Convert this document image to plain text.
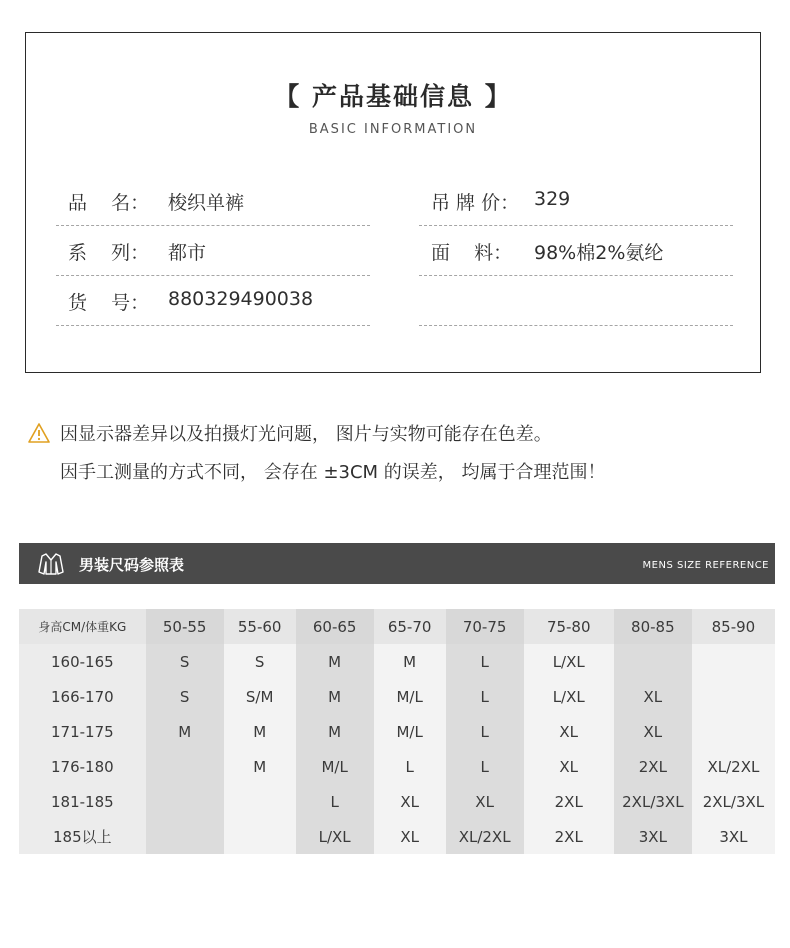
【 产品基础信息 】
BASIC INFORMATION
品    名： 梭织单裤
系    列： 都市
货    号： 880329490038
吊 牌 价： 329
面    料：	98%棉2%氨纶
因显示器差异以及拍摄灯光问题， 图片与实物可能存在色差。
因手工测量的方式不同， 会存在 ±3CM 的误差， 均属于合理范围！
男装尺码参照表	MENS SIZE REFERENCE
身高CM/体重KG	50-55	55-60	60-65	65-70	70-75	75-80	80-85	85-90
160-165	S	S	M	M	L	L/XL		
166-170	S	S/M	M	M/L	L	L/XL	XL	
171-175	M	M	M	M/L	L	XL	XL	
176-180		M	M/L	L	L	XL	2XL	XL/2XL
181-185			L	XL	XL	2XL	2XL/3XL	2XL/3XL
185以上			L/XL	XL	XL/2XL	2XL	3XL	3XL
